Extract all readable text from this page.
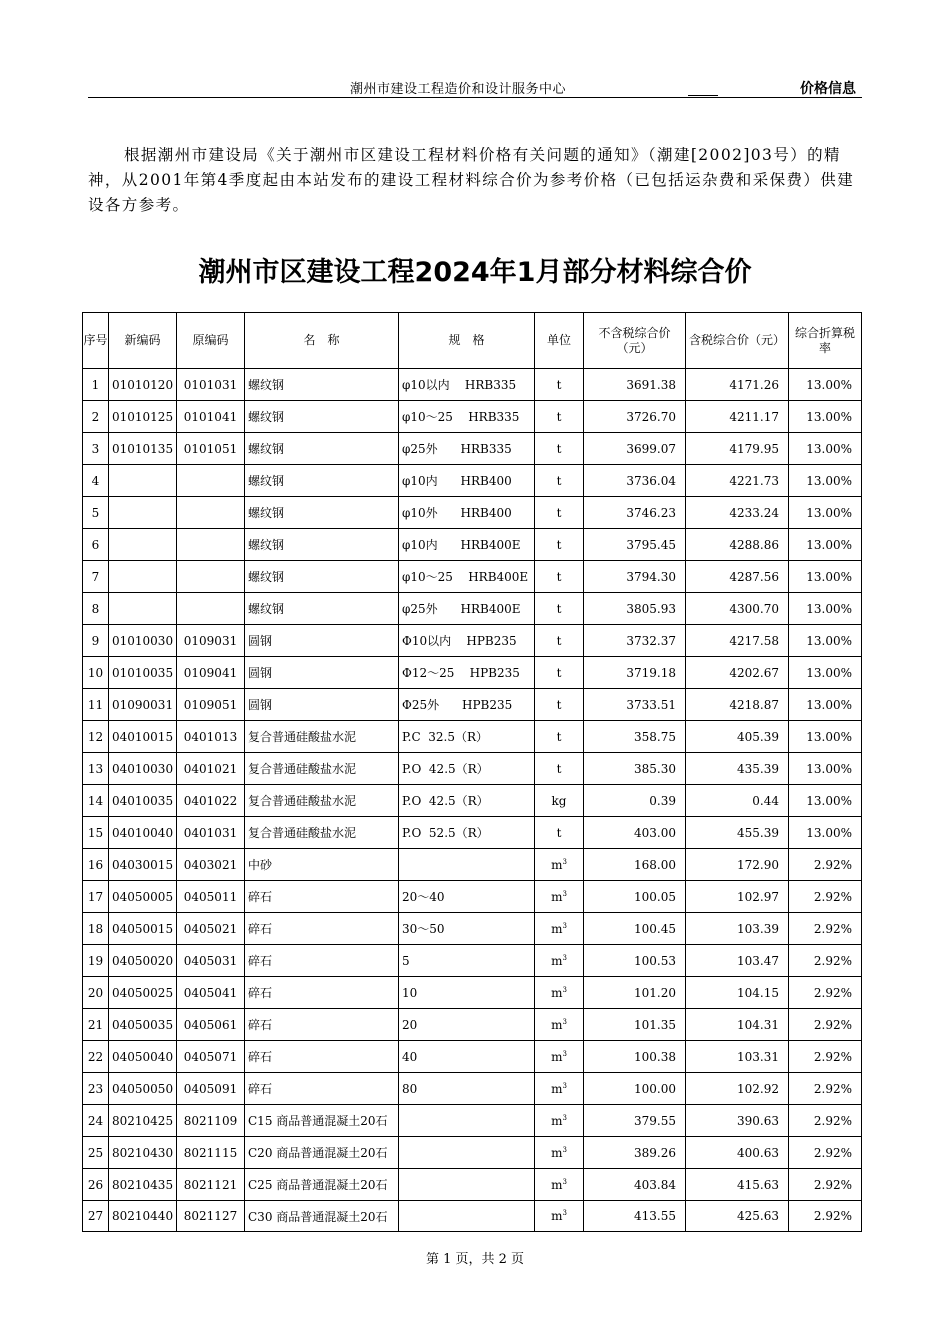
潮州市建设工程造价和设计服务中心	价格信息

根据潮州市建设局《关于潮州市区建设工程材料价格有关问题的通知》（潮建[2002]03号）的精神，从2001年第4季度起由本站发布的建设工程材料综合价为参考价格（已包括运杂费和采保费）供建设各方参考。

潮州市区建设工程2024年1月部分材料综合价
序号	新编码	原编码	名　称	规　格	单位	不含税综合价（元）	含税综合价（元）	综合折算税率
1	01010120	0101031	螺纹钢	φ10以内    HRB335	t	3691.38	4171.26	13.00%
2	01010125	0101041	螺纹钢	φ10～25    HRB335	t	3726.70	4211.17	13.00%
3	01010135	0101051	螺纹钢	φ25外      HRB335	t	3699.07	4179.95	13.00%
4			螺纹钢	φ10内      HRB400	t	3736.04	4221.73	13.00%
5			螺纹钢	φ10外      HRB400	t	3746.23	4233.24	13.00%
6			螺纹钢	φ10内      HRB400E	t	3795.45	4288.86	13.00%
7			螺纹钢	φ10～25    HRB400E	t	3794.30	4287.56	13.00%
8			螺纹钢	φ25外      HRB400E	t	3805.93	4300.70	13.00%
9	01010030	0109031	圆钢	Φ10以内    HPB235	t	3732.37	4217.58	13.00%
10	01010035	0109041	圆钢	Φ12～25    HPB235	t	3719.18	4202.67	13.00%
11	01090031	0109051	圆钢	Φ25外      HPB235	t	3733.51	4218.87	13.00%
12	04010015	0401013	复合普通硅酸盐水泥	P.C  32.5（R）	t	358.75	405.39	13.00%
13	04010030	0401021	复合普通硅酸盐水泥	P.O  42.5（R）	t	385.30	435.39	13.00%
14	04010035	0401022	复合普通硅酸盐水泥	P.O  42.5（R）	kg	0.39	0.44	13.00%
15	04010040	0401031	复合普通硅酸盐水泥	P.O  52.5（R）	t	403.00	455.39	13.00%
16	04030015	0403021	中砂		$m^3$	168.00	172.90	2.92%
17	04050005	0405011	碎石	20～40	$m^3$	100.05	102.97	2.92%
18	04050015	0405021	碎石	30～50	$m^3$	100.45	103.39	2.92%
19	04050020	0405031	碎石	5	$m^3$	100.53	103.47	2.92%
20	04050025	0405041	碎石	10	$m^3$	101.20	104.15	2.92%
21	04050035	0405061	碎石	20	$m^3$	101.35	104.31	2.92%
22	04050040	0405071	碎石	40	$m^3$	100.38	103.31	2.92%
23	04050050	0405091	碎石	80	$m^3$	100.00	102.92	2.92%
24	80210425	8021109	C15 商品普通混凝土20石		$m^3$	379.55	390.63	2.92%
25	80210430	8021115	C20 商品普通混凝土20石		$m^3$	389.26	400.63	2.92%
26	80210435	8021121	C25 商品普通混凝土20石		$m^3$	403.84	415.63	2.92%
27	80210440	8021127	C30 商品普通混凝土20石		$m^3$	413.55	425.63	2.92%
第 1 页，共 2 页
